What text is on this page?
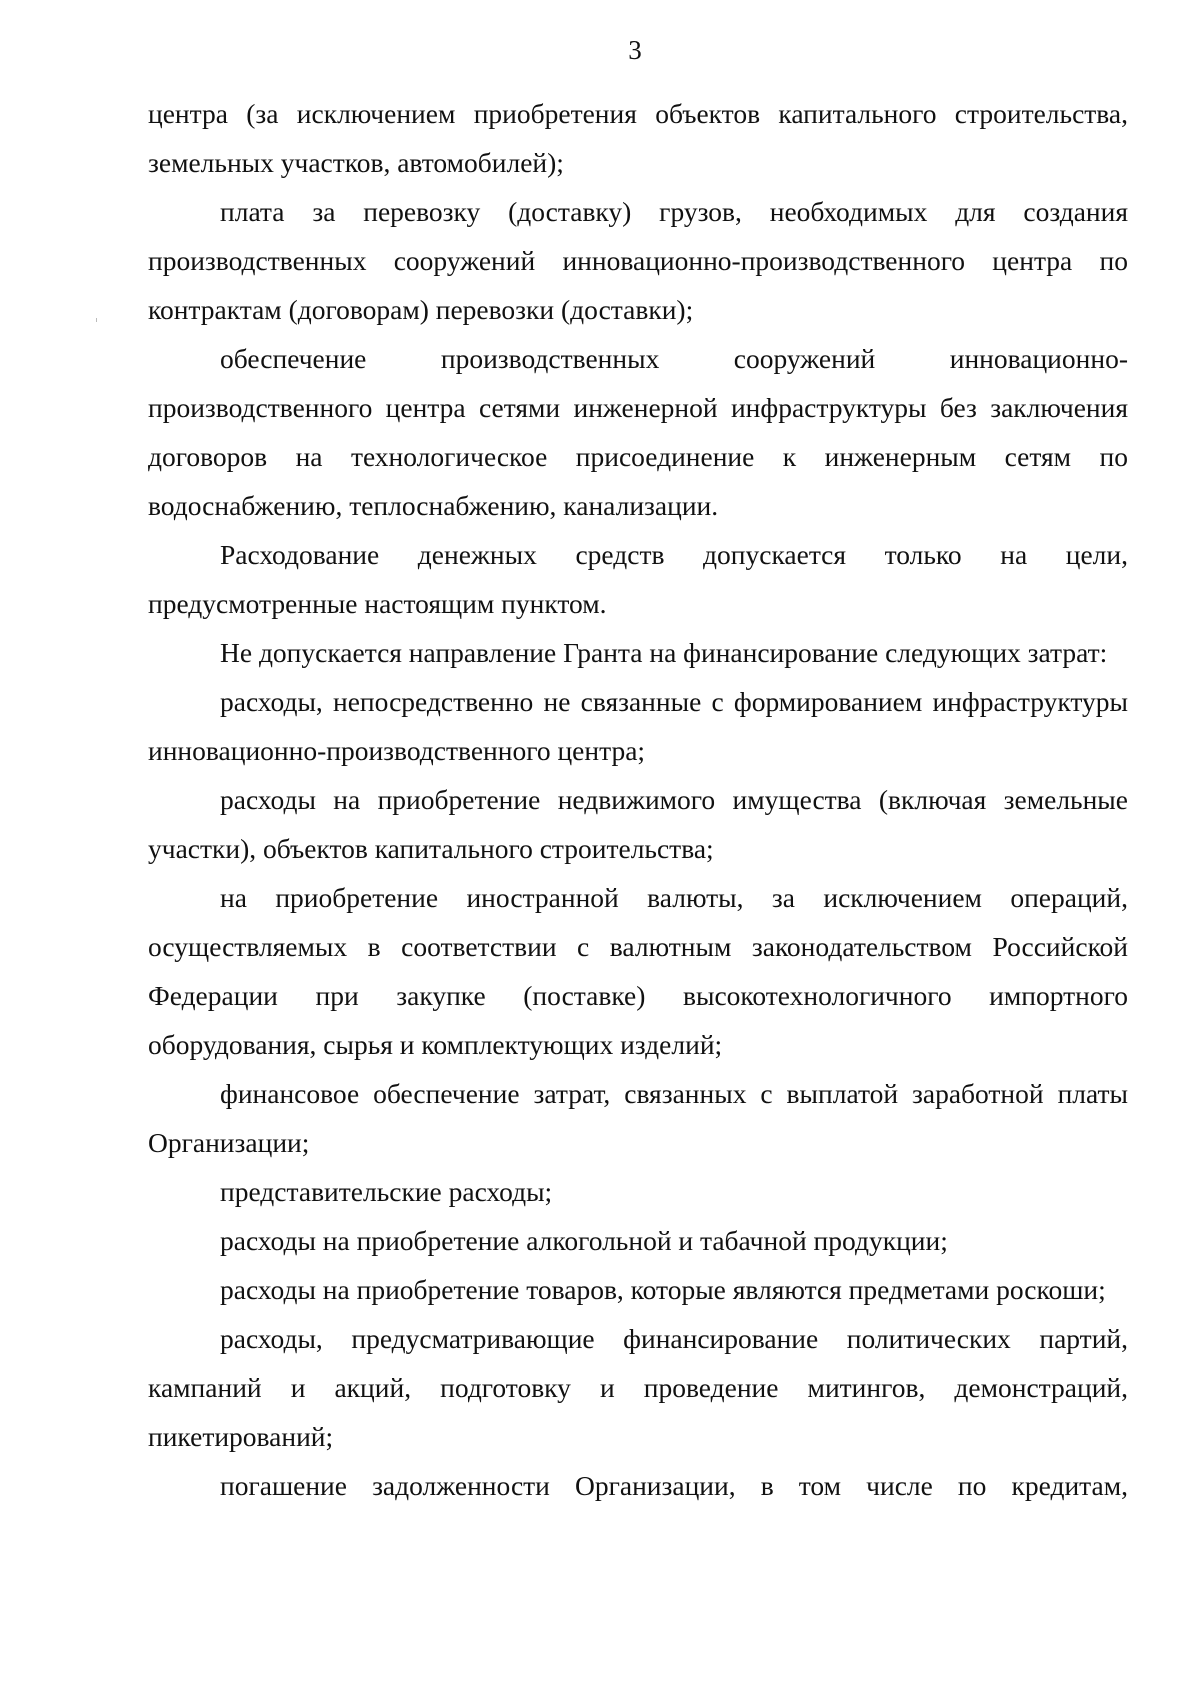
3

центра (за исключением приобретения объектов капитального строительства, земельных участков, автомобилей);

плата за перевозку (доставку) грузов, необходимых для создания производственных сооружений инновационно-производственного центра по контрактам (договорам) перевозки (доставки);

обеспечение производственных сооружений инновационно-производственного центра сетями инженерной инфраструктуры без заключения договоров на технологическое присоединение к инженерным сетям по водоснабжению, теплоснабжению, канализации.

Расходование денежных средств допускается только на цели, предусмотренные настоящим пунктом.

Не допускается направление Гранта на финансирование следующих затрат:

расходы, непосредственно не связанные с формированием инфраструктуры инновационно-производственного центра;

расходы на приобретение недвижимого имущества (включая земельные участки), объектов капитального строительства;

на приобретение иностранной валюты, за исключением операций, осуществляемых в соответствии с валютным законодательством Российской Федерации при закупке (поставке) высокотехнологичного импортного оборудования, сырья и комплектующих изделий;

финансовое обеспечение затрат, связанных с выплатой заработной платы Организации;

представительские расходы;

расходы на приобретение алкогольной и табачной продукции;

расходы на приобретение товаров, которые являются предметами роскоши;

расходы, предусматривающие финансирование политических партий, кампаний и акций, подготовку и проведение митингов, демонстраций, пикетирований;

погашение задолженности Организации, в том числе по кредитам,
